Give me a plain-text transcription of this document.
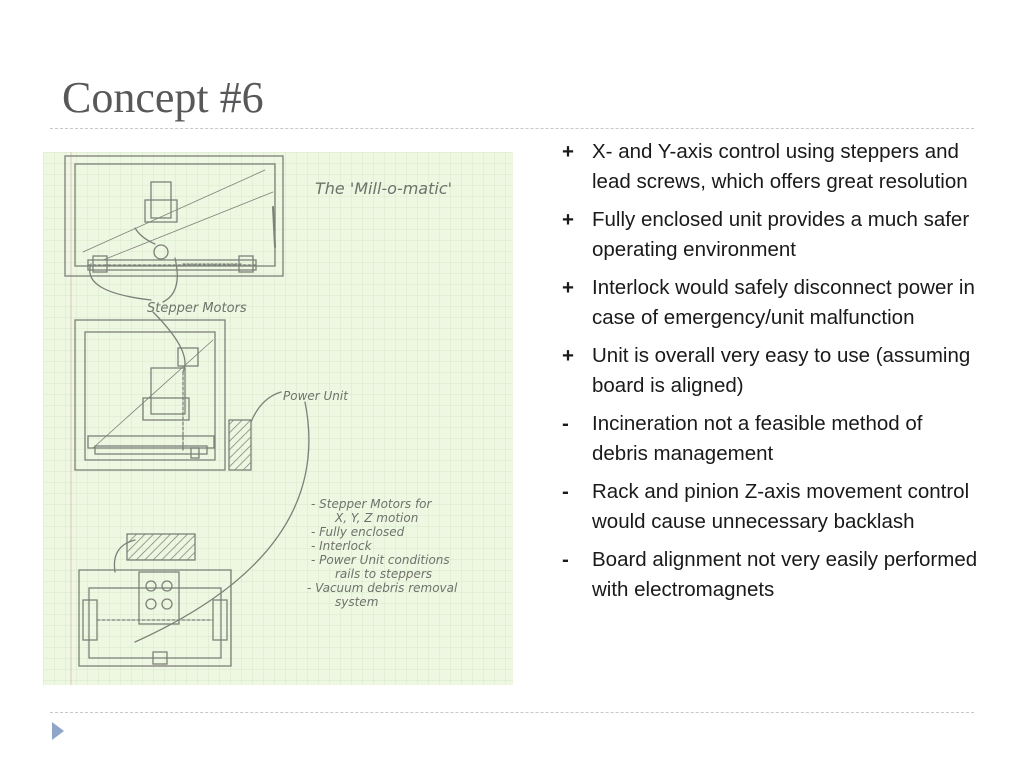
Concept #6
The 'Mill-o-matic'
Stepper Motors
Power Unit
- Stepper Motors for
X, Y, Z motion
- Fully enclosed
- Interlock
- Power Unit conditions
rails to steppers
- Vacuum debris removal
system
+ X- and Y-axis control using steppers and lead screws, which offers great resolution
+ Fully enclosed unit provides a much safer operating environment
+ Interlock would safely disconnect power in case of emergency/unit malfunction
+ Unit is overall very easy to use (assuming board is aligned)
-	Incineration not a feasible method of debris management
-	Rack and pinion Z-axis movement control would cause unnecessary backlash
-	Board alignment not very easily performed with electromagnets
